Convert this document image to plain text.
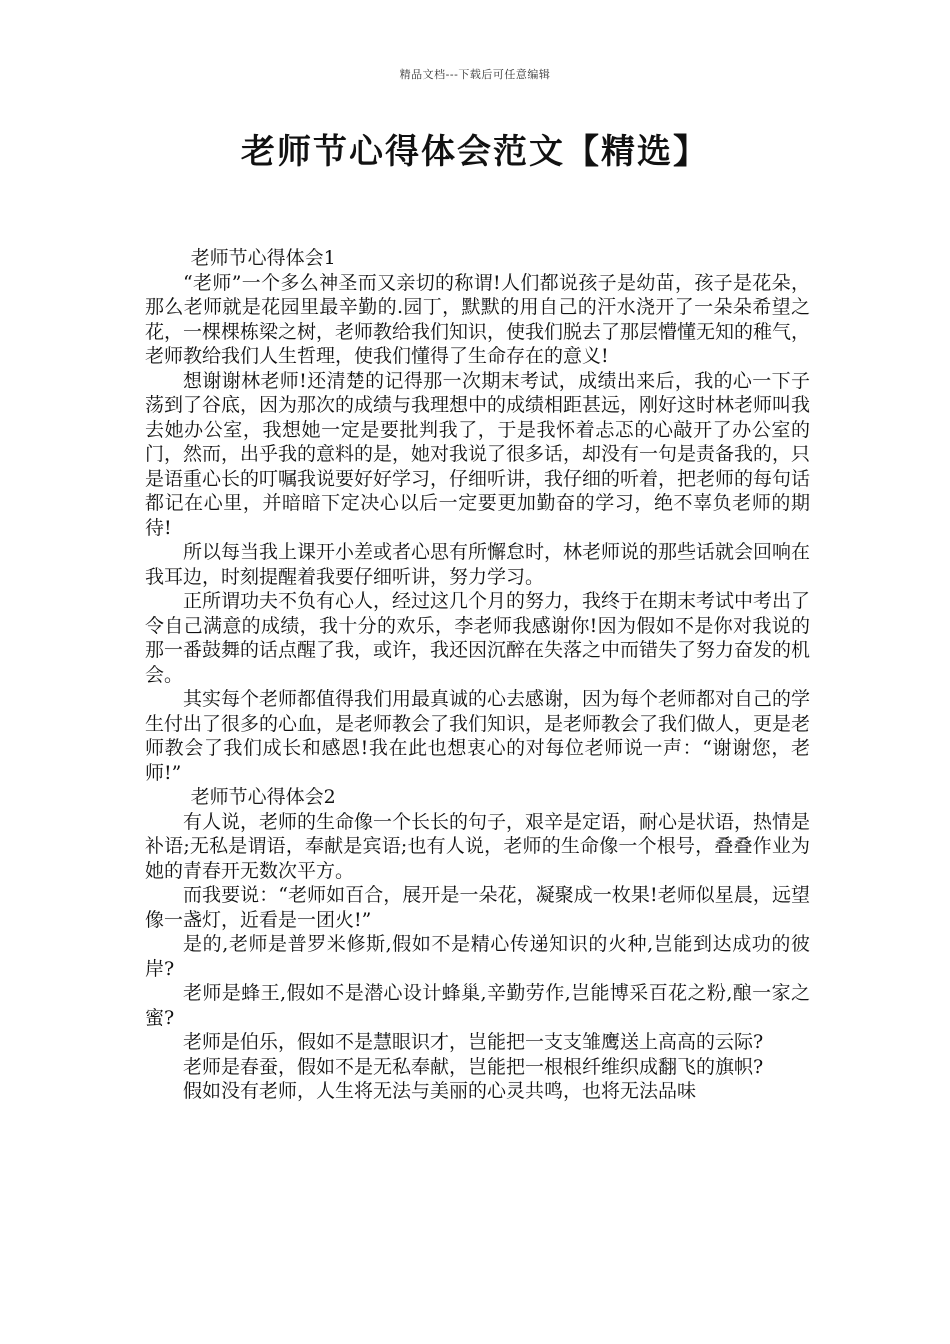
精品文档---下载后可任意编辑
老师节心得体会范文【精选】

老师节心得体会1

“老师”一个多么神圣而又亲切的称谓!人们都说孩子是幼苗，孩子是花朵，那么老师就是花园里最辛勤的.园丁，默默的用自己的汗水浇开了一朵朵希望之花，一棵棵栋梁之树，老师教给我们知识，使我们脱去了那层懵懂无知的稚气，老师教给我们人生哲理，使我们懂得了生命存在的意义!

想谢谢林老师!还清楚的记得那一次期末考试，成绩出来后，我的心一下子荡到了谷底，因为那次的成绩与我理想中的成绩相距甚远，刚好这时林老师叫我去她办公室，我想她一定是要批判我了，于是我怀着忐忑的心敲开了办公室的门，然而，出乎我的意料的是，她对我说了很多话，却没有一句是责备我的，只是语重心长的叮嘱我说要好好学习，仔细听讲，我仔细的听着，把老师的每句话都记在心里，并暗暗下定决心以后一定要更加勤奋的学习，绝不辜负老师的期待!

所以每当我上课开小差或者心思有所懈怠时，林老师说的那些话就会回响在我耳边，时刻提醒着我要仔细听讲，努力学习。

正所谓功夫不负有心人，经过这几个月的努力，我终于在期末考试中考出了令自己满意的成绩，我十分的欢乐，李老师我感谢你!因为假如不是你对我说的那一番鼓舞的话点醒了我，或许，我还因沉醉在失落之中而错失了努力奋发的机会。

其实每个老师都值得我们用最真诚的心去感谢，因为每个老师都对自己的学生付出了很多的心血，是老师教会了我们知识，是老师教会了我们做人，更是老师教会了我们成长和感恩!我在此也想衷心的对每位老师说一声：“谢谢您，老师!”

老师节心得体会2

有人说，老师的生命像一个长长的句子，艰辛是定语，耐心是状语，热情是补语;无私是谓语，奉献是宾语;也有人说，老师的生命像一个根号，叠叠作业为她的青春开无数次平方。

而我要说：“老师如百合，展开是一朵花，凝聚成一枚果!老师似星晨，远望像一盏灯，近看是一团火!”

是的,老师是普罗米修斯,假如不是精心传递知识的火种,岂能到达成功的彼岸?

老师是蜂王,假如不是潜心设计蜂巢,辛勤劳作,岂能博采百花之粉,酿一家之蜜?

老师是伯乐，假如不是慧眼识才，岂能把一支支雏鹰送上高高的云际?

老师是春蚕，假如不是无私奉献，岂能把一根根纤维织成翻飞的旗帜?

假如没有老师，人生将无法与美丽的心灵共鸣，也将无法品味
